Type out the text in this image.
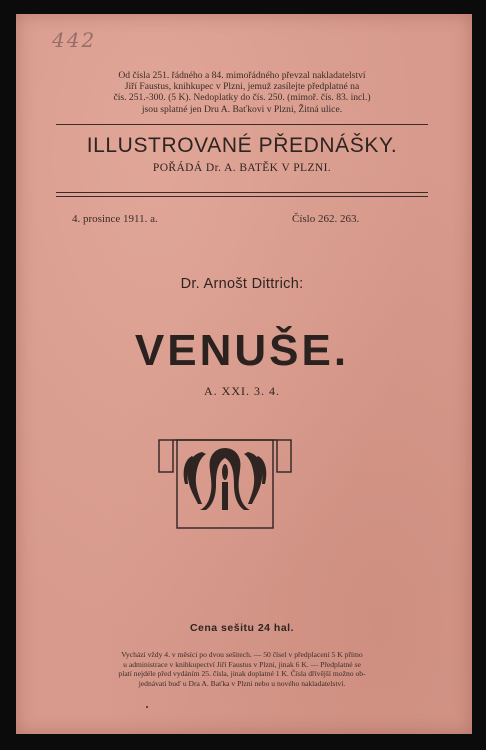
442
Od čísla 251. řádného a 84. mimořádného převzal nakladatelství
Jiří Faustus, knihkupec v Plzni, jemuž zasílejte předplatné na
čís. 251.-300. (5 K). Nedoplatky do čís. 250. (mimoř. čís. 83. incl.)
jsou splatné jen Dru A. Baťkovi v Plzni, Žitná ulice.
ILLUSTROVANÉ PŘEDNÁŠKY.
POŘÁDÁ Dr. A. BATĚK V PLZNI.
4. prosince 1911. a.	Číslo 262. 263.
Dr. Arnošt Dittrich:
VENUŠE.
A. XXI. 3. 4.
Cena sešitu 24 hal.
Vychází vždy 4. v měsíci po dvou sešitech. — 50 čísel v předplacení 5 K přímo
u administrace v knihkupectví Jiří Faustus v Plzni, jinak 6 K. — Předplatné se
platí nejdéle před vydáním 25. čísla, jinak doplatné 1 K. Čísla dřívější možno ob-
jednávati buď u Dra A. Baťka v Plzni nebo u nového nakladatelství.
